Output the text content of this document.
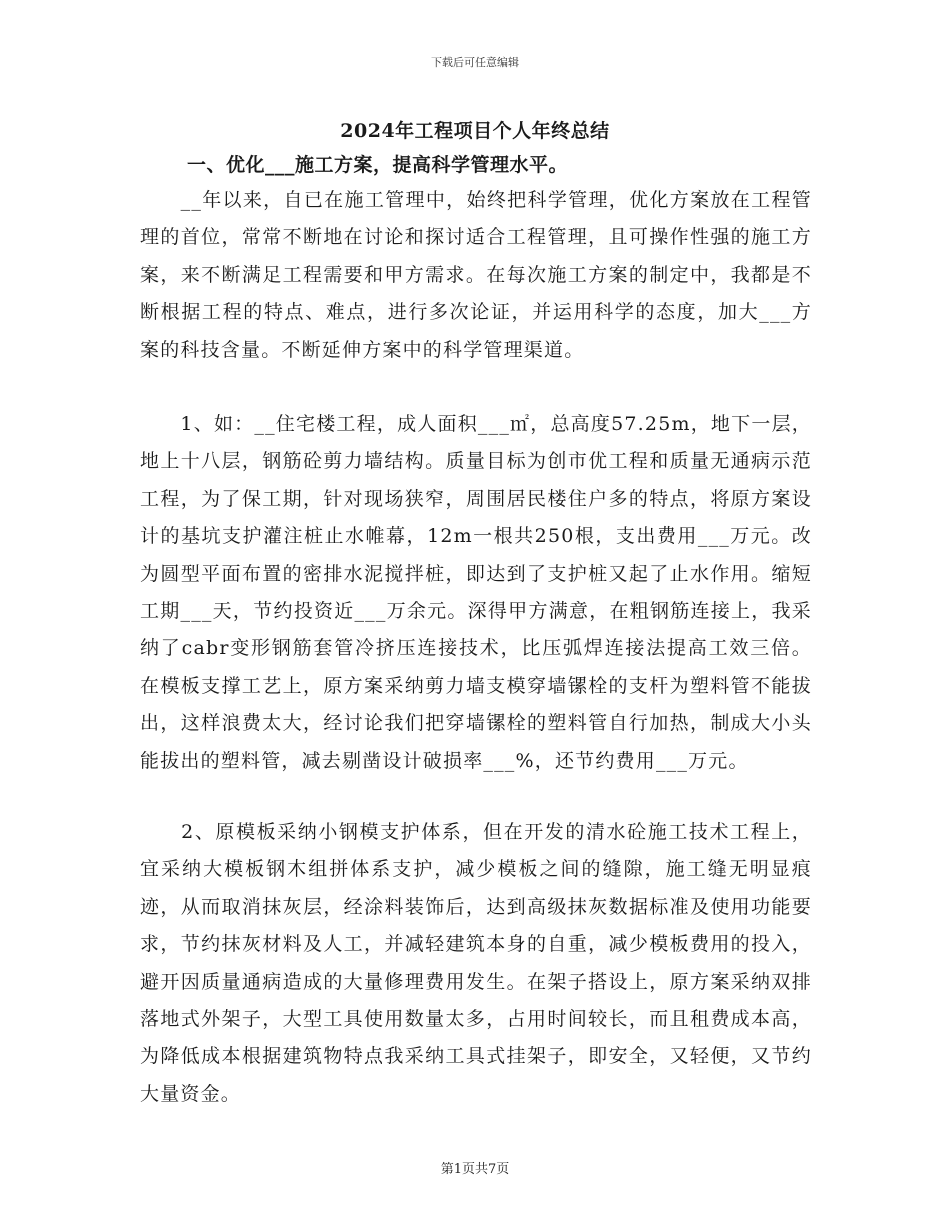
下载后可任意编辑
2024年工程项目个人年终总结
一、优化___施工方案，提高科学管理水平。

　　__年以来，自已在施工管理中，始终把科学管理，优化方案放在工程管理的首位，常常不断地在讨论和探讨适合工程管理，且可操作性强的施工方案，来不断满足工程需要和甲方需求。在每次施工方案的制定中，我都是不断根据工程的特点、难点，进行多次论证，并运用科学的态度，加大___方案的科技含量。不断延伸方案中的科学管理渠道。

　　1、如：__住宅楼工程，成人面积___㎡，总高度57.25m，地下一层，地上十八层，钢筋砼剪力墙结构。质量目标为创市优工程和质量无通病示范工程，为了保工期，针对现场狭窄，周围居民楼住户多的特点，将原方案设计的基坑支护灌注桩止水帷幕，12m一根共250根，支出费用___万元。改为圆型平面布置的密排水泥搅拌桩，即达到了支护桩又起了止水作用。缩短工期___天，节约投资近___万余元。深得甲方满意，在粗钢筋连接上，我采纳了cabr变形钢筋套管冷挤压连接技术，比压弧焊连接法提高工效三倍。在模板支撑工艺上，原方案采纳剪力墙支模穿墙镙栓的支杆为塑料管不能拔出，这样浪费太大，经讨论我们把穿墙镙栓的塑料管自行加热，制成大小头能拔出的塑料管，减去剔凿设计破损率___%，还节约费用___万元。

　　2、原模板采纳小钢模支护体系，但在开发的清水砼施工技术工程上，宜采纳大模板钢木组拼体系支护，减少模板之间的缝隙，施工缝无明显痕迹，从而取消抹灰层，经涂料装饰后，达到高级抹灰数据标准及使用功能要求，节约抹灰材料及人工，并减轻建筑本身的自重，减少模板费用的投入，避开因质量通病造成的大量修理费用发生。在架子搭设上，原方案采纳双排落地式外架子，大型工具使用数量太多，占用时间较长，而且租费成本高，为降低成本根据建筑物特点我采纳工具式挂架子，即安全，又轻便，又节约大量资金。

第1页共7页
